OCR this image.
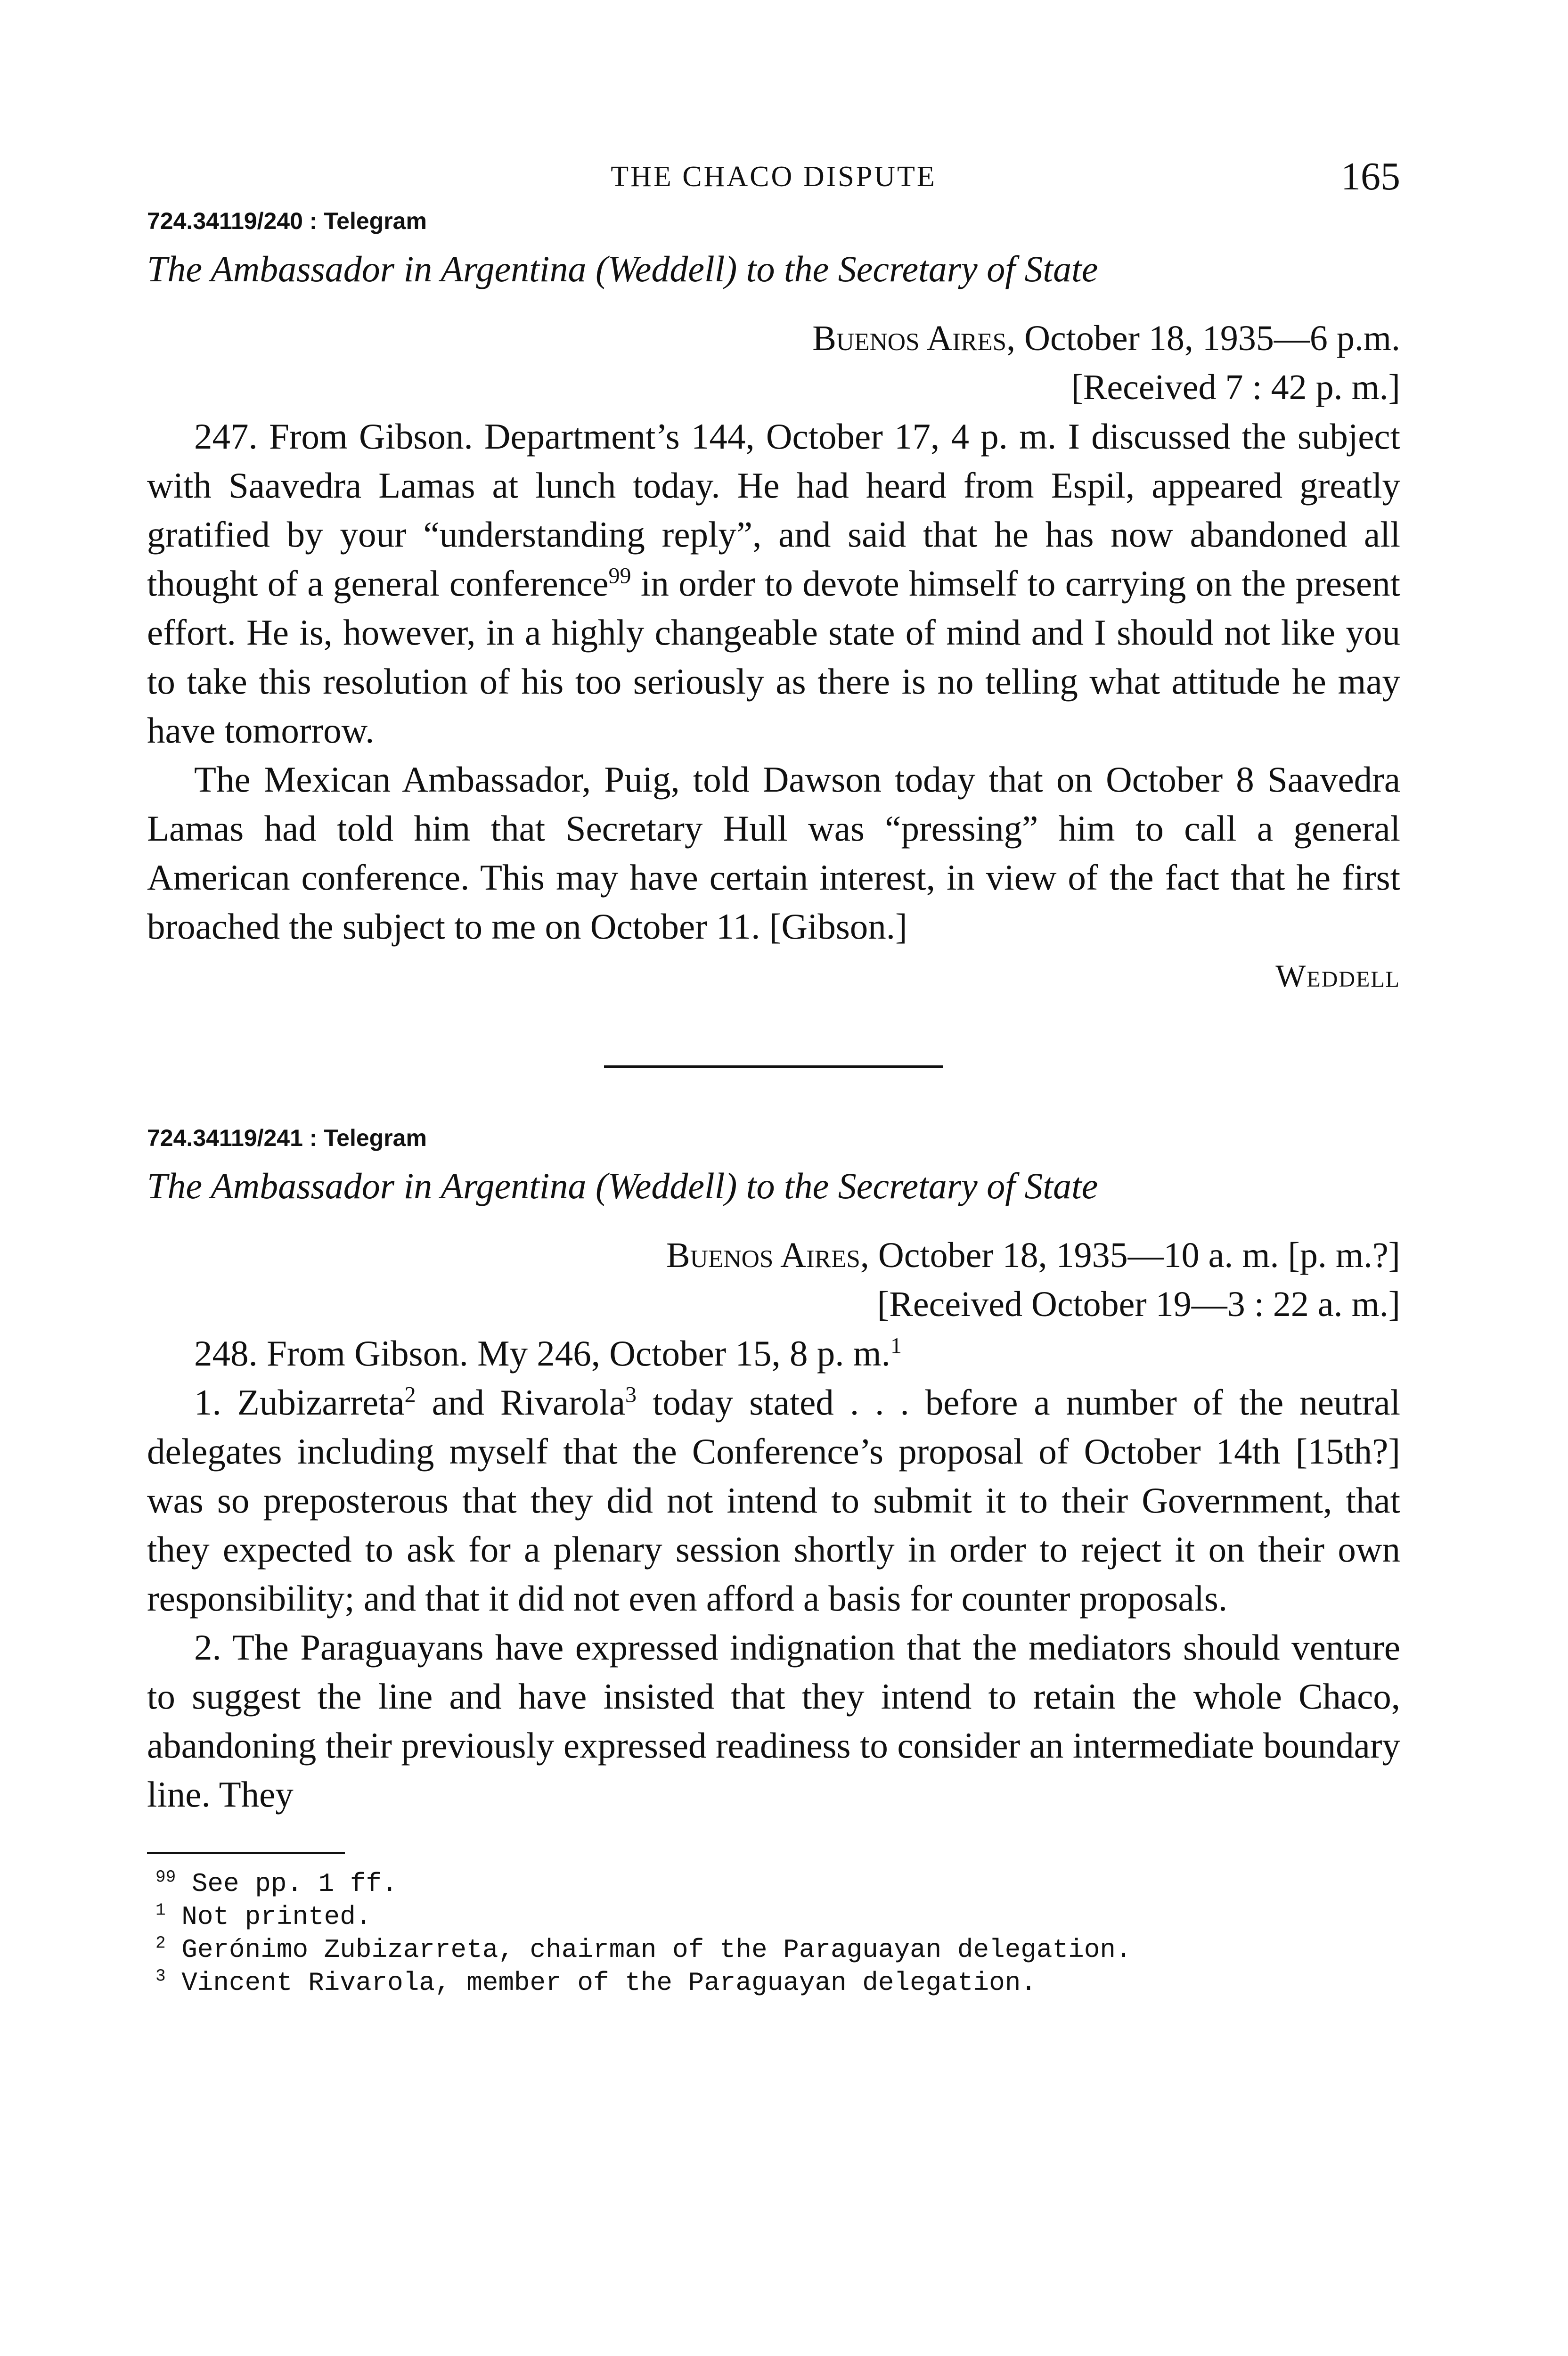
THE CHACO DISPUTE	165
724.34119/240 : Telegram
The Ambassador in Argentina (Weddell) to the Secretary of State
Buenos Aires, October 18, 1935—6 p.m.
[Received 7 : 42 p. m.]

247. From Gibson. Department’s 144, October 17, 4 p. m. I discussed the subject with Saavedra Lamas at lunch today. He had heard from Espil, appeared greatly gratified by your “understanding reply”, and said that he has now abandoned all thought of a general conference$^{99}$ in order to devote himself to carrying on the present effort. He is, however, in a highly changeable state of mind and I should not like you to take this resolution of his too seriously as there is no telling what attitude he may have tomorrow.

The Mexican Ambassador, Puig, told Dawson today that on October 8 Saavedra Lamas had told him that Secretary Hull was “pressing” him to call a general American conference. This may have certain interest, in view of the fact that he first broached the subject to me on October 11. [Gibson.]

Weddell
724.34119/241 : Telegram
The Ambassador in Argentina (Weddell) to the Secretary of State
Buenos Aires, October 18, 1935—10 a. m. [p. m.?]
[Received October 19—3 : 22 a. m.]

248. From Gibson. My 246, October 15, 8 p. m.$^1$

1. Zubizarreta$^2$ and Rivarola$^3$ today stated . . . before a number of the neutral delegates including myself that the Conference’s proposal of October 14th [15th?] was so preposterous that they did not intend to submit it to their Government, that they expected to ask for a plenary session shortly in order to reject it on their own responsibility; and that it did not even afford a basis for counter proposals.

2. The Paraguayans have expressed indignation that the mediators should venture to suggest the line and have insisted that they intend to retain the whole Chaco, abandoning their previously expressed readiness to consider an intermediate boundary line. They

$^{99}$ See pp. 1 ff.
$^1$ Not printed.
$^2$ Gerónimo Zubizarreta, chairman of the Paraguayan delegation.
$^3$ Vincent Rivarola, member of the Paraguayan delegation.
